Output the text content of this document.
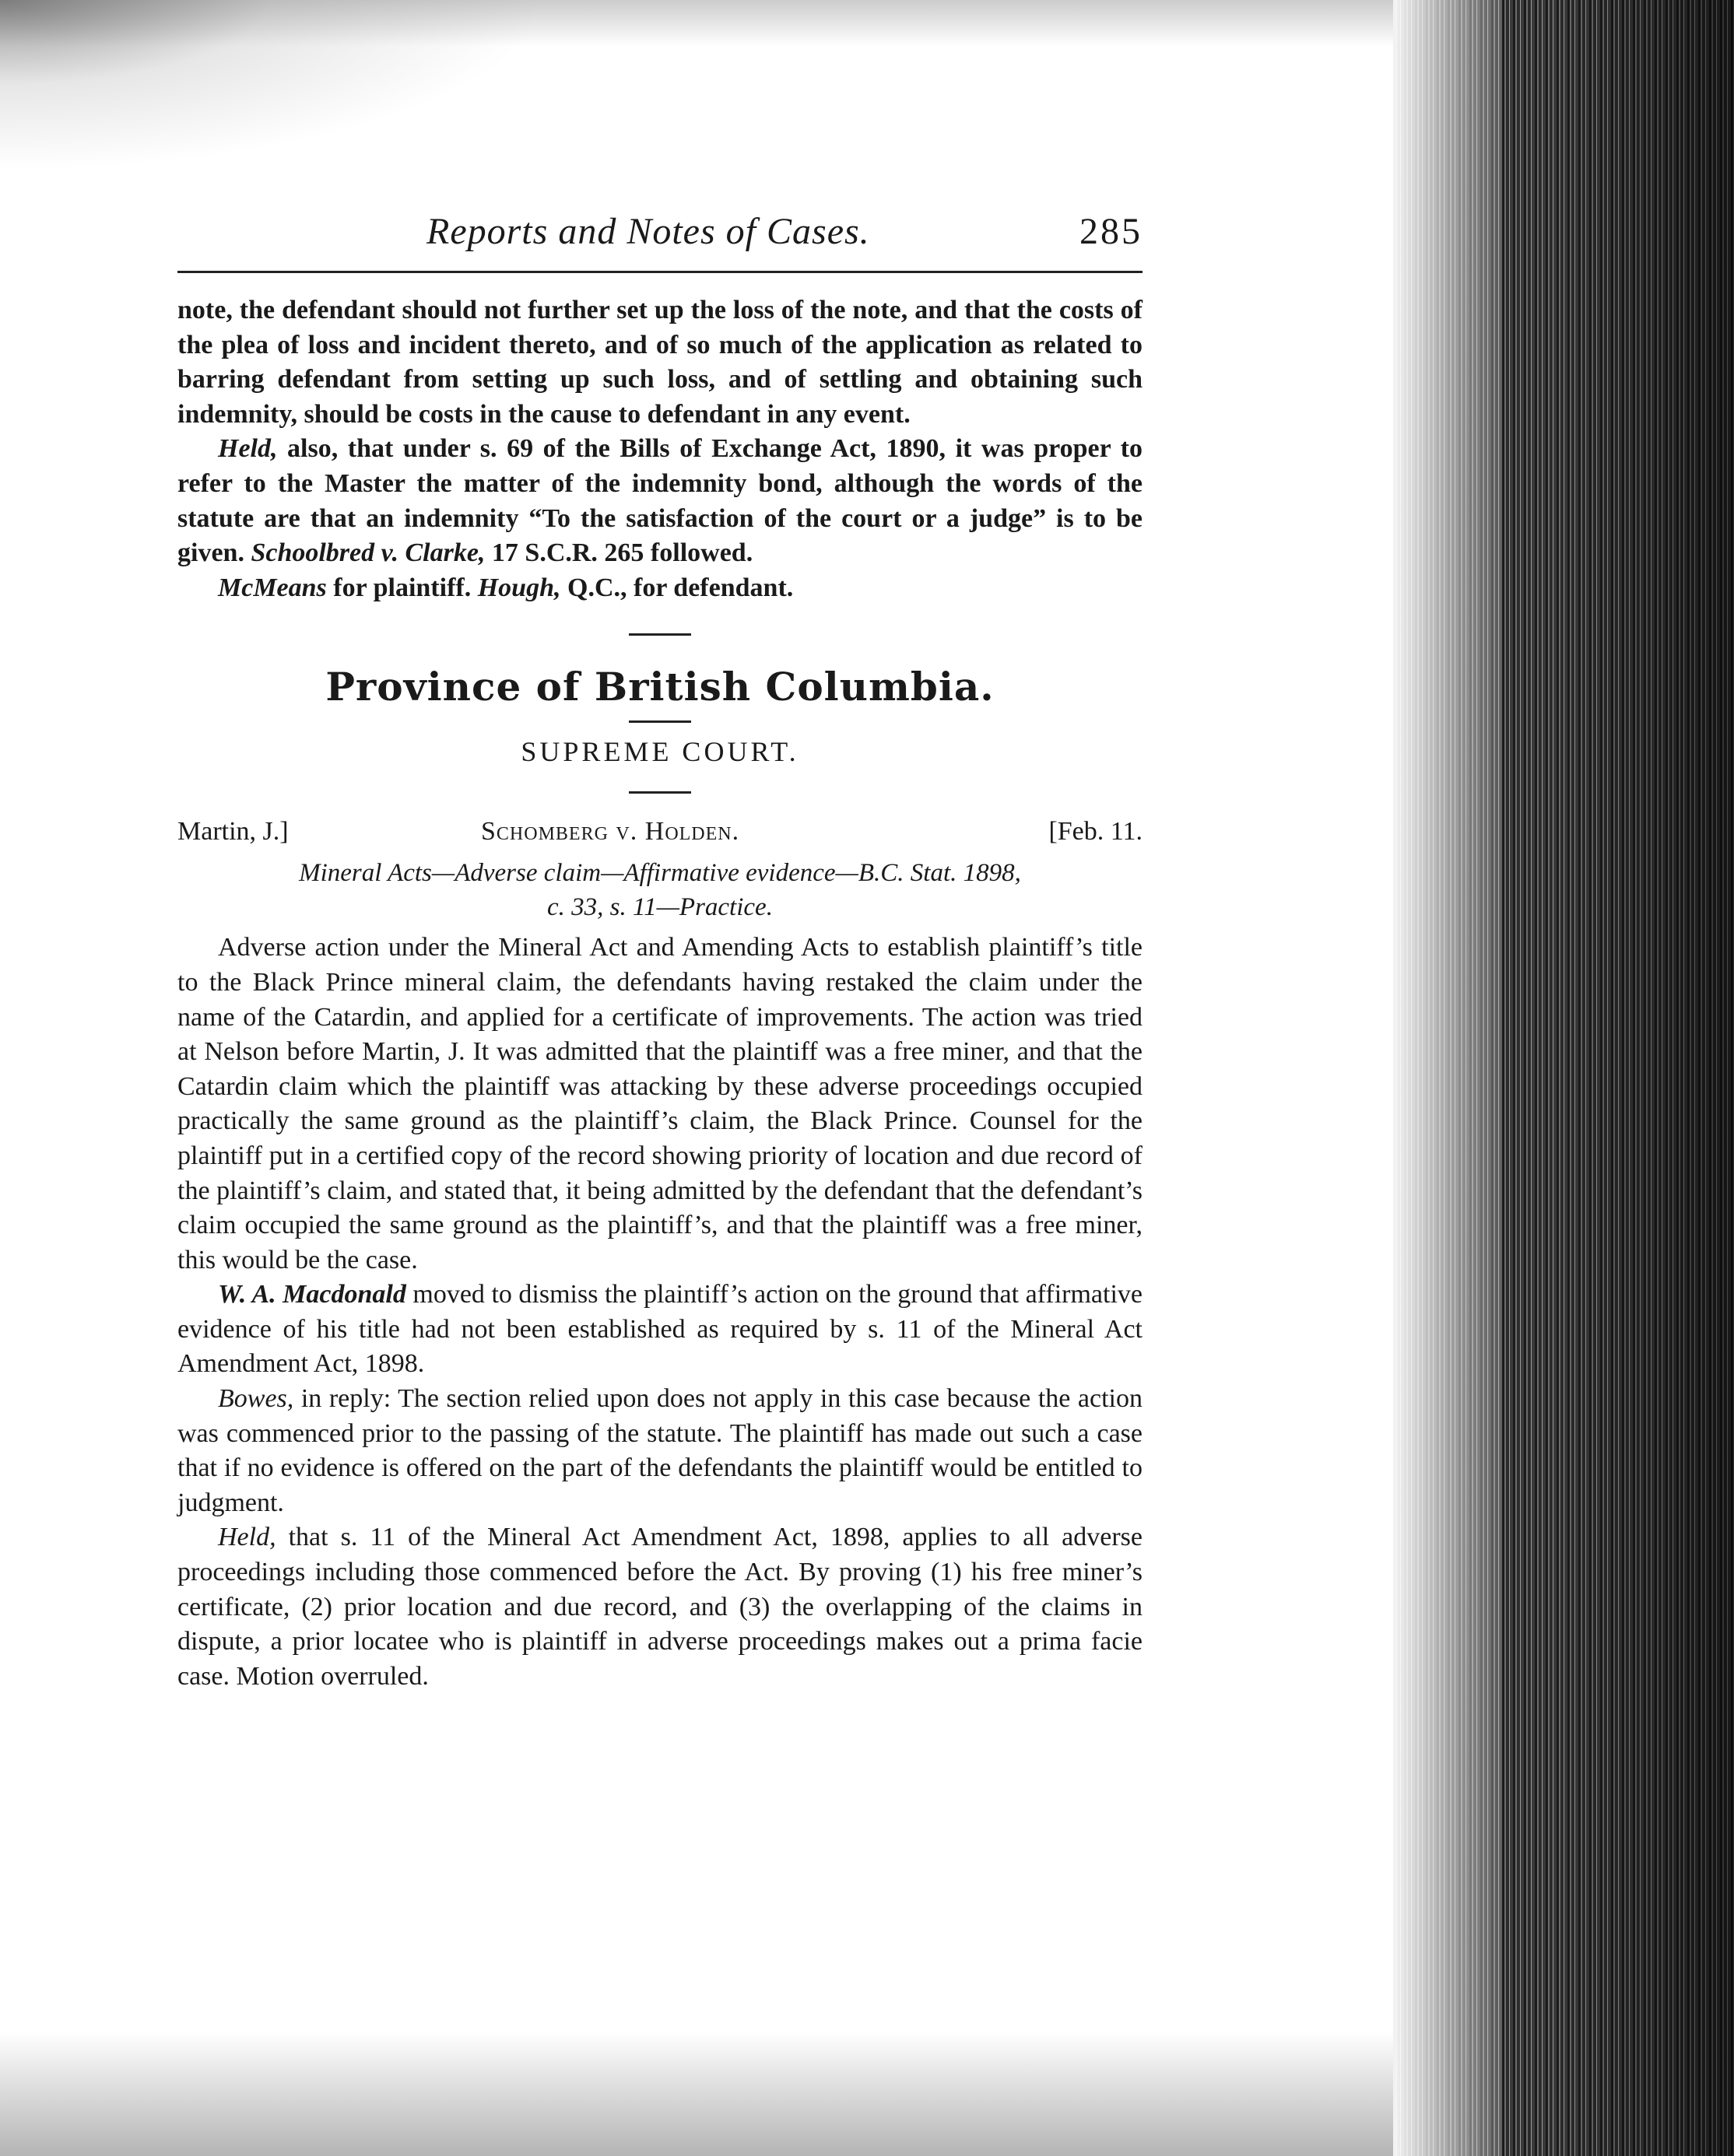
Reports and Notes of Cases.	285

note, the defendant should not further set up the loss of the note, and that the costs of the plea of loss and incident thereto, and of so much of the application as related to barring defendant from setting up such loss, and of settling and obtaining such indemnity, should be costs in the cause to defendant in any event.

Held, also, that under s. 69 of the Bills of Exchange Act, 1890, it was proper to refer to the Master the matter of the indemnity bond, although the words of the statute are that an indemnity “To the satisfaction of the court or a judge” is to be given. Schoolbred v. Clarke, 17 S.C.R. 265 followed.

McMeans for plaintiff. Hough, Q.C., for defendant.

Province of British Columbia.
SUPREME COURT.
Martin, J.]	Schomberg v. Holden.	[Feb. 11.
Mineral Acts—Adverse claim—Affirmative evidence—B.C. Stat. 1898,
c. 33, s. 11—Practice.

Adverse action under the Mineral Act and Amending Acts to establish plaintiff’s title to the Black Prince mineral claim, the defendants having restaked the claim under the name of the Catardin, and applied for a certificate of improvements. The action was tried at Nelson before Martin, J. It was admitted that the plaintiff was a free miner, and that the Catardin claim which the plaintiff was attacking by these adverse proceedings occupied practically the same ground as the plaintiff’s claim, the Black Prince. Counsel for the plaintiff put in a certified copy of the record showing priority of location and due record of the plaintiff’s claim, and stated that, it being admitted by the defendant that the defendant’s claim occupied the same ground as the plaintiff’s, and that the plaintiff was a free miner, this would be the case.

W. A. Macdonald moved to dismiss the plaintiff’s action on the ground that affirmative evidence of his title had not been established as required by s. 11 of the Mineral Act Amendment Act, 1898.

Bowes, in reply: The section relied upon does not apply in this case because the action was commenced prior to the passing of the statute. The plaintiff has made out such a case that if no evidence is offered on the part of the defendants the plaintiff would be entitled to judgment.

Held, that s. 11 of the Mineral Act Amendment Act, 1898, applies to all adverse proceedings including those commenced before the Act. By proving (1) his free miner’s certificate, (2) prior location and due record, and (3) the overlapping of the claims in dispute, a prior locatee who is plaintiff in adverse proceedings makes out a prima facie case. Motion overruled.
